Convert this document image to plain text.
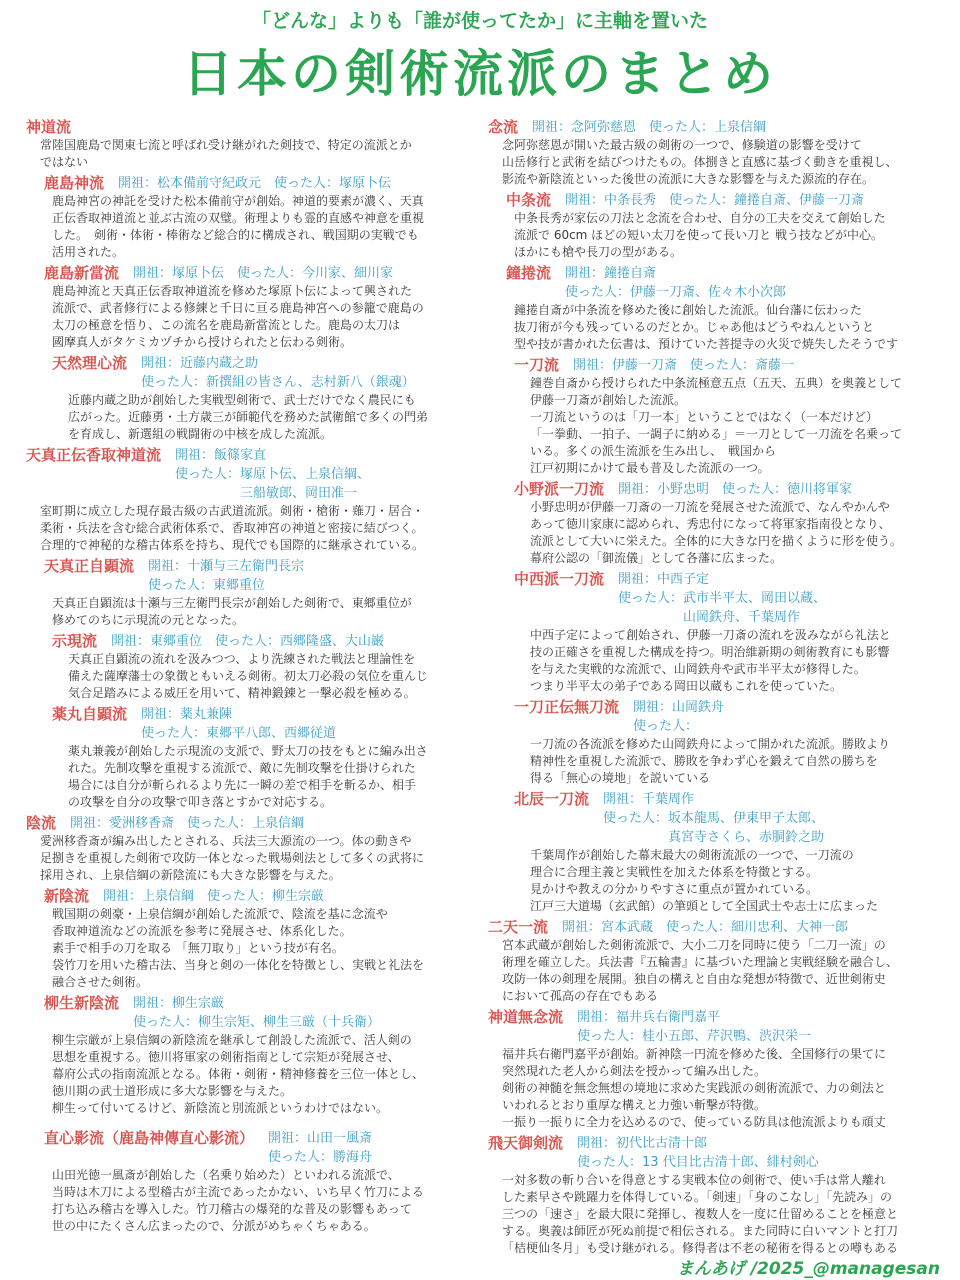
「どんな」よりも「誰が使ってたか」に主軸を置いた
日本の剣術流派のまとめ
神道流
常陸国鹿島で関東七流と呼ばれ受け継がれた剣技で、特定の流派とか
ではない
鹿島神流 開祖：松本備前守紀政元　使った人：塚原卜伝
鹿島神宮の神託を受けた松本備前守が創始。神道的要素が濃く、天真
正伝香取神道流と並ぶ古流の双璧。術理よりも霊的直感や神意を重視
した。　剣術・体術・棒術など総合的に構成され、戦国期の実戦でも
活用された。
鹿島新當流 開祖：塚原卜伝　使った人：今川家、細川家
鹿島神流と天真正伝香取神道流を修めた塚原卜伝によって興された
流派で、武者修行による修練と千日に亘る鹿島神宮への参籠で鹿島の
太刀の極意を悟り、この流名を鹿島新當流とした。鹿島の太刀は
國摩真人がタケミカヅチから授けられたと伝わる剣術。
天然理心流 開祖：近藤内蔵之助
使った人：新撰組の皆さん、志村新八（銀魂）
近藤内蔵之助が創始した実戦型剣術で、武士だけでなく農民にも
広がった。近藤勇・土方歳三が師範代を務めた試衛館で多くの門弟
を育成し、新選組の戦闘術の中核を成した流派。
天真正伝香取神道流 開祖：飯篠家直
使った人：塚原卜伝、上泉信綱、
　　　　　三船敏郎、岡田准一
室町期に成立した現存最古級の古武道流派。剣術・槍術・薙刀・居合・
柔術・兵法を含む総合武術体系で、香取神宮の神道と密接に結びつく。
合理的で神秘的な稽古体系を持ち、現代でも国際的に継承されている。
天真正自顕流 開祖：十瀬与三左衛門長宗
使った人：東郷重位
天真正自顕流は十瀬与三左衛門長宗が創始した剣術で、東郷重位が
修めてのちに示現流の元となった。
示現流 開祖：東郷重位　使った人：西郷隆盛、大山巌
天真正自顕流の流れを汲みつつ、より洗練された戦法と理論性を
備えた薩摩藩士の象徴ともいえる剣術。初太刀必殺の気位を重んじ
気合足踏みによる威圧を用いて、精神鍛錬と一撃必殺を極める。
薬丸自顕流 開祖：薬丸兼陳
使った人：東郷平八郎、西郷従道
薬丸兼義が創始した示現流の支派で、野太刀の技をもとに編み出さ
れた。先制攻撃を重視する流派で、敵に先制攻撃を仕掛けられた
場合には自分が斬られるより先に一瞬の差で相手を斬るか、相手
の攻撃を自分の攻撃で叩き落とすかで対応する。
陰流 開祖：愛洲移香斎　使った人：上泉信綱
愛洲移香斎が編み出したとされる、兵法三大源流の一つ。体の動きや
足捌きを重視した剣術で攻防一体となった戦場剣法として多くの武将に
採用され、上泉信綱の新陰流にも大きな影響を与えた。
新陰流 開祖：上泉信綱　使った人：柳生宗厳
戦国期の剣豪・上泉信綱が創始した流派で、陰流を基に念流や
香取神道流などの流派を参考に発展させ、体系化した。
素手で相手の刀を取る 「無刀取り」という技が有名。
袋竹刀を用いた稽古法、当身と剣の一体化を特徴とし、実戦と礼法を
融合させた剣術。
柳生新陰流 開祖：柳生宗厳
使った人：柳生宗矩、柳生三厳（十兵衛）
柳生宗厳が上泉信綱の新陰流を継承して創設した流派で、活人剣の
思想を重視する。徳川将軍家の剣術指南として宗矩が発展させ、
幕府公式の指南流派となる。体術・剣術・精神修養を三位一体とし、
徳川期の武士道形成に多大な影響を与えた。
柳生って付いてるけど、新陰流と別流派というわけではない。
直心影流（鹿島神傳直心影流） 開祖：山田一風斎
使った人：勝海舟
山田光徳一風斎が創始した（名乗り始めた）といわれる流派で、
当時は木刀による型稽古が主流であったかない、いち早く竹刀による
打ち込み稽古を導入した。竹刀稽古の爆発的な普及の影響もあって
世の中にたくさん広まったので、分派がめちゃくちゃある。
念流 開祖：念阿弥慈恩　使った人：上泉信綱
念阿弥慈恩が開いた最古級の剣術の一つで、修験道の影響を受けて
山岳修行と武術を結びつけたもの。体捌きと直感に基づく動きを重視し、
影流や新陰流といった後世の流派に大きな影響を与えた源流的存在。
中条流 開祖：中条長秀　使った人：鐘捲自斎、伊藤一刀斎
中条長秀が家伝の刀法と念流を合わせ、自分の工夫を交えて創始した
流派で 60cm ほどの短い太刀を使って長い刀と 戦う技などが中心。
ほかにも槍や長刀の型がある。
鐘捲流 開祖：鐘捲自斎
使った人：伊藤一刀斎、佐々木小次郎
鐘捲自斎が中条流を修めた後に創始した流派。仙台藩に伝わった
抜刀術が今も残っているのだとか。じゃあ他はどうやねんというと
型や技が書かれた伝書は、預けていた菩提寺の火災で焼失したそうです
一刀流 開祖：伊藤一刀斎　使った人：斎藤一
鐘巻自斎から授けられた中条流極意五点（五天、五典）を奥義として
伊藤一刀斎が創始した流派。
一刀流というのは「刀一本」ということではなく（一本だけど）
「一拳動、一拍子、一調子に納める」＝一刀として一刀流を名乗って
いる。多くの派生流派を生み出し、　戦国から
江戸初期にかけて最も普及した流派の一つ。
小野派一刀流 開祖：小野忠明　使った人：徳川将軍家
小野忠明が伊藤一刀斎の一刀流を発展させた流派で、なんやかんや
あって徳川家康に認められ、秀忠付になって将軍家指南役となり、
流派として大いに栄えた。全体的に大きな円を描くように形を使う。
幕府公認の「御流儀」として各藩に広まった。
中西派一刀流 開祖：中西子定
使った人：武市半平太、岡田以蔵、
　　　　　山岡鉄舟、千葉周作
中西子定によって創始され、伊藤一刀斎の流れを汲みながら礼法と
技の正確さを重視した構成を持つ。明治維新期の剣術教育にも影響
を与えた実戦的な流派で、山岡鉄舟や武市半平太が修得した。
つまり半平太の弟子である岡田以蔵もこれを使っていた。
一刀正伝無刀流 開祖：山岡鉄舟
使った人：
一刀流の各流派を修めた山岡鉄舟によって開かれた流派。勝敗より
精神性を重視した流派で、勝敗を争わず心を鍛えて自然の勝ちを
得る「無心の境地」を説いている
北辰一刀流 開祖：千葉周作
使った人：坂本龍馬、伊東甲子太郎、
　　　　　真宮寺さくら、赤胴鈴之助
千葉周作が創始した幕末最大の剣術流派の一つで、一刀流の
理合に合理主義と実戦性を加えた体系を特徴とする。
見かけや教えの分かりやすさに重点が置かれている。
江戸三大道場（玄武館）の筆頭として全国武士や志士に広まった
二天一流 開祖：宮本武蔵　使った人：細川忠利、大神一郎
宮本武蔵が創始した剣術流派で、大小二刀を同時に使う「二刀一流」の
術理を確立した。兵法書『五輪書』に基づいた理論と実戦経験を融合し、
攻防一体の剣理を展開。独自の構えと自由な発想が特徴で、近世剣術史
において孤高の存在でもある
神道無念流 開祖：福井兵右衛門嘉平
使った人：桂小五郎、芹沢鴨、渋沢栄一
福井兵右衛門嘉平が創始。新神陰一円流を修めた後、全国修行の果てに
突然現れた老人から剣法を授かって編み出した。
剣術の神髄を無念無想の境地に求めた実践派の剣術流派で、力の剣法と
いわれるとおり重厚な構えと力強い斬撃が特徴。
一振り一振りに全力を込めるので、使っている防具は他流派よりも頑丈
飛天御剣流 開祖：初代比古清十郎
使った人：13 代目比古清十郎、緋村剣心
一対多数の斬り合いを得意とする実戦本位の剣術で、使い手は常人離れ
した素早さや跳躍力を体得している。「剣速」「身のこなし」「先読み」の
三つの「速さ」を最大限に発揮し、複数人を一度に仕留めることを極意と
する。奥義は師匠が死ぬ前提で相伝される。また同時に白いマントと打刀
「桔梗仙冬月」も受け継がれる。修得者は不老の秘術を得るとの噂もある
まんあげ /2025_@managesan
